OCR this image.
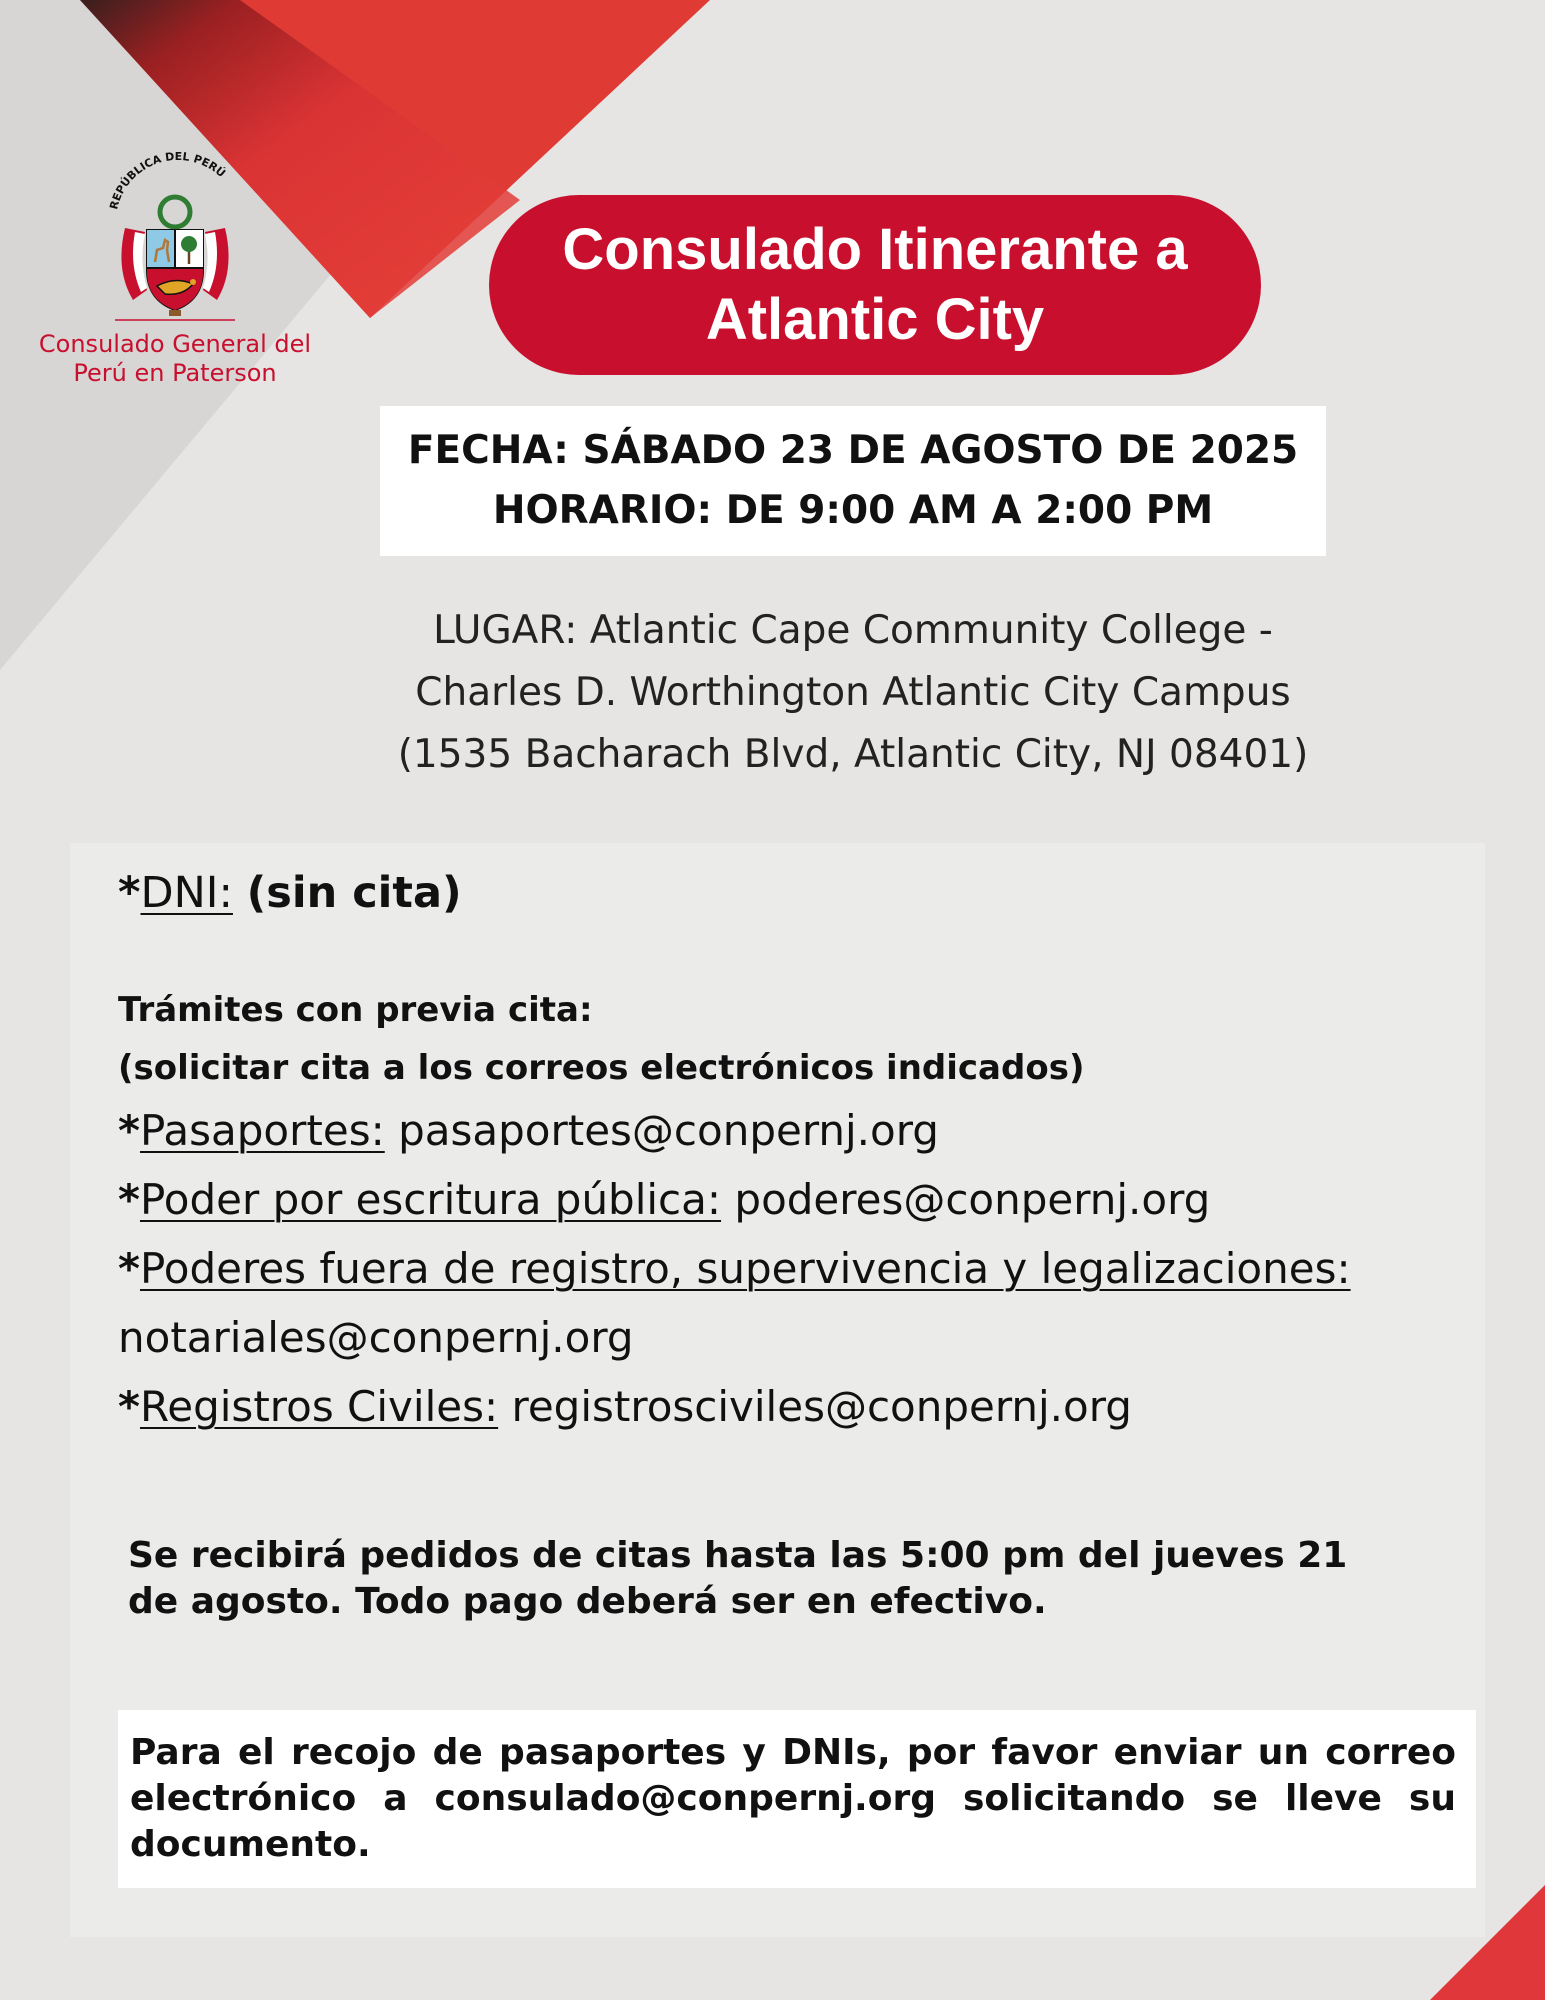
REPÚBLICA DEL PERÚ
Consulado General del
Perú en Paterson
Consulado Itinerante a
Atlantic City
FECHA: SÁBADO 23 DE AGOSTO DE 2025
HORARIO: DE 9:00 AM A 2:00 PM
LUGAR: Atlantic Cape Community College -
Charles D. Worthington Atlantic City Campus
(1535 Bacharach Blvd, Atlantic City, NJ 08401)
*DNI: (sin cita)
Trámites con previa cita:
(solicitar cita a los correos electrónicos indicados)
*Pasaportes: pasaportes@conpernj.org
*Poder por escritura pública: poderes@conpernj.org
*Poderes fuera de registro, supervivencia y legalizaciones:
notariales@conpernj.org
*Registros Civiles: registrosciviles@conpernj.org
Se recibirá pedidos de citas hasta las 5:00 pm del jueves 21
de agosto. Todo pago deberá ser en efectivo.
Para el recojo de pasaportes y DNIs, por favor enviar un correo electrónico a consulado@conpernj.org solicitando se lleve su documento.
